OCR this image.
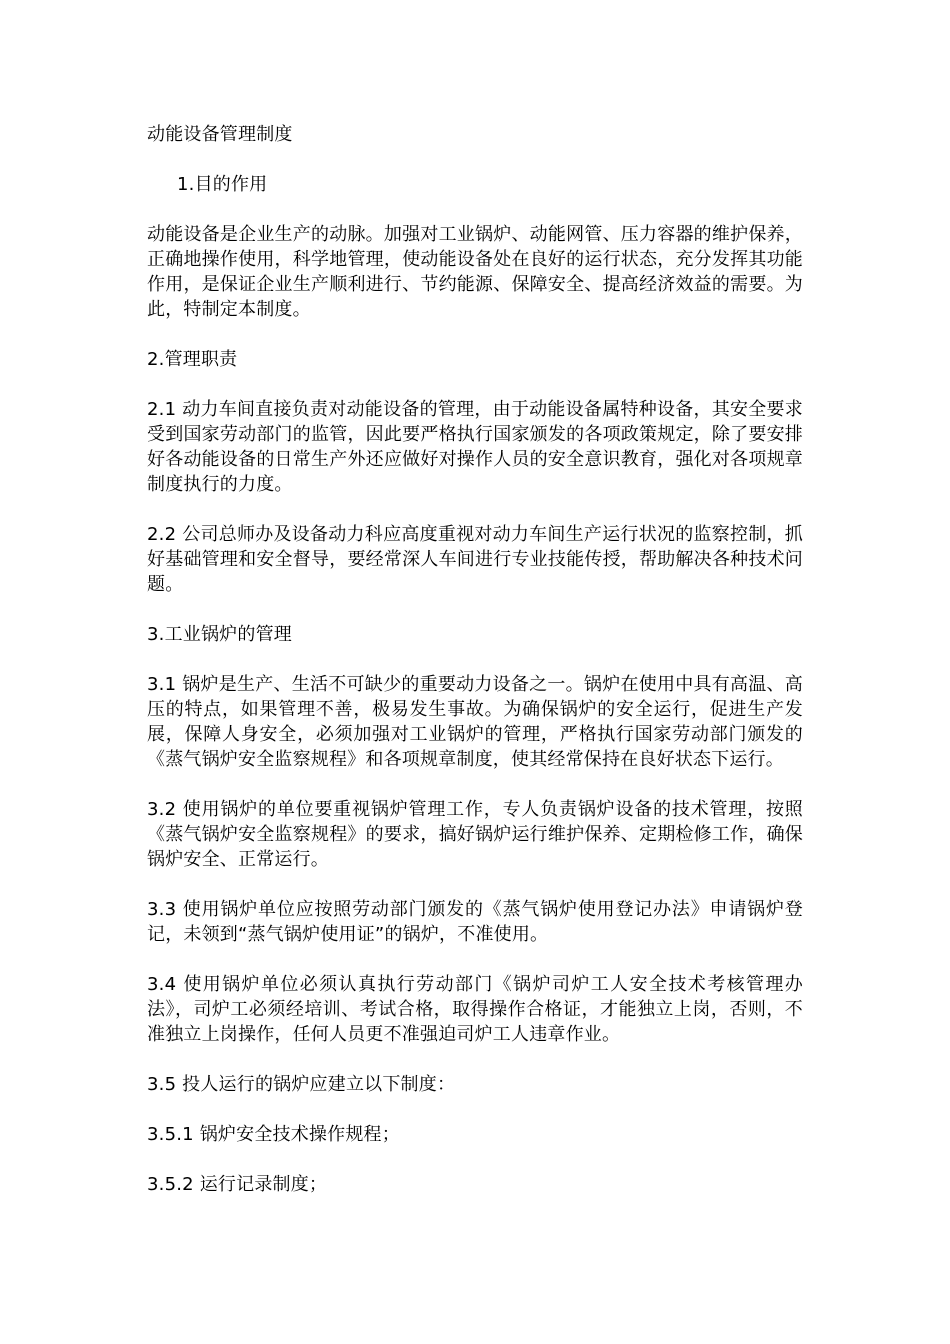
动能设备管理制度
1.目的作用
动能设备是企业生产的动脉。加强对工业锅炉、动能网管、压力容器的维护保养，正确地操作使用，科学地管理，使动能设备处在良好的运行状态，充分发挥其功能作用，是保证企业生产顺利进行、节约能源、保障安全、提高经济效益的需要。为此，特制定本制度。
2.管理职责
2.1 动力车间直接负责对动能设备的管理，由于动能设备属特种设备，其安全要求受到国家劳动部门的监管，因此要严格执行国家颁发的各项政策规定，除了要安排好各动能设备的日常生产外还应做好对操作人员的安全意识教育，强化对各项规章制度执行的力度。
2.2 公司总师办及设备动力科应高度重视对动力车间生产运行状况的监察控制，抓好基础管理和安全督导，要经常深人车间进行专业技能传授，帮助解决各种技术问题。
3.工业锅炉的管理
3.1 锅炉是生产、生活不可缺少的重要动力设备之一。锅炉在使用中具有高温、高压的特点，如果管理不善，极易发生事故。为确保锅炉的安全运行，促进生产发展，保障人身安全，必须加强对工业锅炉的管理，严格执行国家劳动部门颁发的《蒸气锅炉安全监察规程》和各项规章制度，使其经常保持在良好状态下运行。
3.2 使用锅炉的单位要重视锅炉管理工作，专人负责锅炉设备的技术管理，按照《蒸气锅炉安全监察规程》的要求，搞好锅炉运行维护保养、定期检修工作，确保锅炉安全、正常运行。
3.3 使用锅炉单位应按照劳动部门颁发的《蒸气锅炉使用登记办法》申请锅炉登记，未领到“蒸气锅炉使用证”的锅炉，不准使用。
3.4 使用锅炉单位必须认真执行劳动部门《锅炉司炉工人安全技术考核管理办法》，司炉工必须经培训、考试合格，取得操作合格证，才能独立上岗，否则，不准独立上岗操作，任何人员更不准强迫司炉工人违章作业。
3.5 投人运行的锅炉应建立以下制度：
3.5.1 锅炉安全技术操作规程；
3.5.2 运行记录制度；
